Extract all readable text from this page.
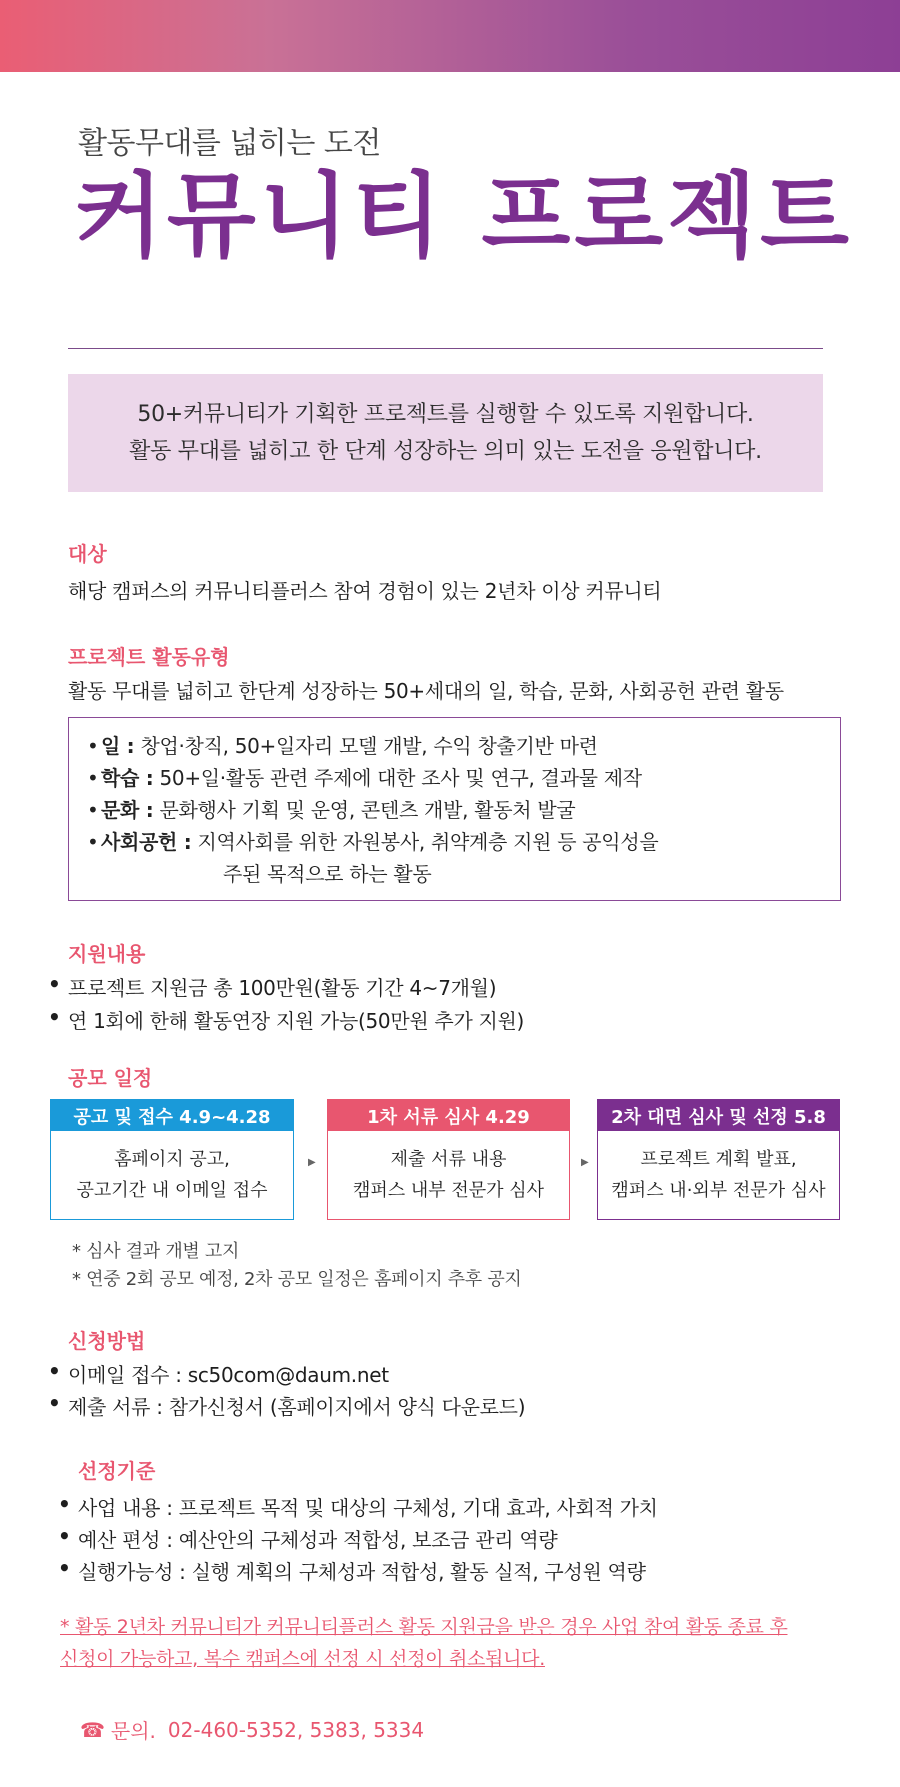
활동무대를 넓히는 도전
커뮤니티 프로젝트
50+커뮤니티가 기획한 프로젝트를 실행할 수 있도록 지원합니다.
활동 무대를 넓히고 한 단계 성장하는 의미 있는 도전을 응원합니다.
대상
해당 캠퍼스의 커뮤니티플러스 참여 경험이 있는 2년차 이상 커뮤니티
프로젝트 활동유형
활동 무대를 넓히고 한단계 성장하는 50+세대의 일, 학습, 문화, 사회공헌 관련 활동
• 일 :
창업·창직, 50+일자리 모델 개발, 수익 창출기반 마련
• 학습 :
50+일·활동 관련 주제에 대한 조사 및 연구, 결과물 제작
• 문화 :
문화행사 기획 및 운영, 콘텐츠 개발, 활동처 발굴
• 사회공헌 :
지역사회를 위한 자원봉사, 취약계층 지원 등 공익성을
주된 목적으로 하는 활동
지원내용
• 프로젝트 지원금 총 100만원(활동 기간 4~7개월)
• 연 1회에 한해 활동연장 지원 가능(50만원 추가 지원)
공모 일정
공고 및 접수 4.9~4.28
홈페이지 공고,
공고기간 내 이메일 접수
▶
1차 서류 심사 4.29
제출 서류 내용
캠퍼스 내부 전문가 심사
▶
2차 대면 심사 및 선정 5.8
프로젝트 계획 발표,
캠퍼스 내·외부 전문가 심사
* 심사 결과 개별 고지
* 연중 2회 공모 예정, 2차 공모 일정은 홈페이지 추후 공지
신청방법
• 이메일 접수 : sc50com@daum.net
• 제출 서류 : 참가신청서 (홈페이지에서 양식 다운로드)
선정기준
• 사업 내용 : 프로젝트 목적 및 대상의 구체성, 기대 효과, 사회적 가치
• 예산 편성 : 예산안의 구체성과 적합성, 보조금 관리 역량
• 실행가능성 : 실행 계획의 구체성과 적합성, 활동 실적, 구성원 역량
* 활동 2년차 커뮤니티가 커뮤니티플러스 활동 지원금을 받은 경우 사업 참여 활동 종료 후
신청이 가능하고, 복수 캠퍼스에 선정 시 선정이 취소됩니다.
☎ 문의. 02-460-5352, 5383, 5334
